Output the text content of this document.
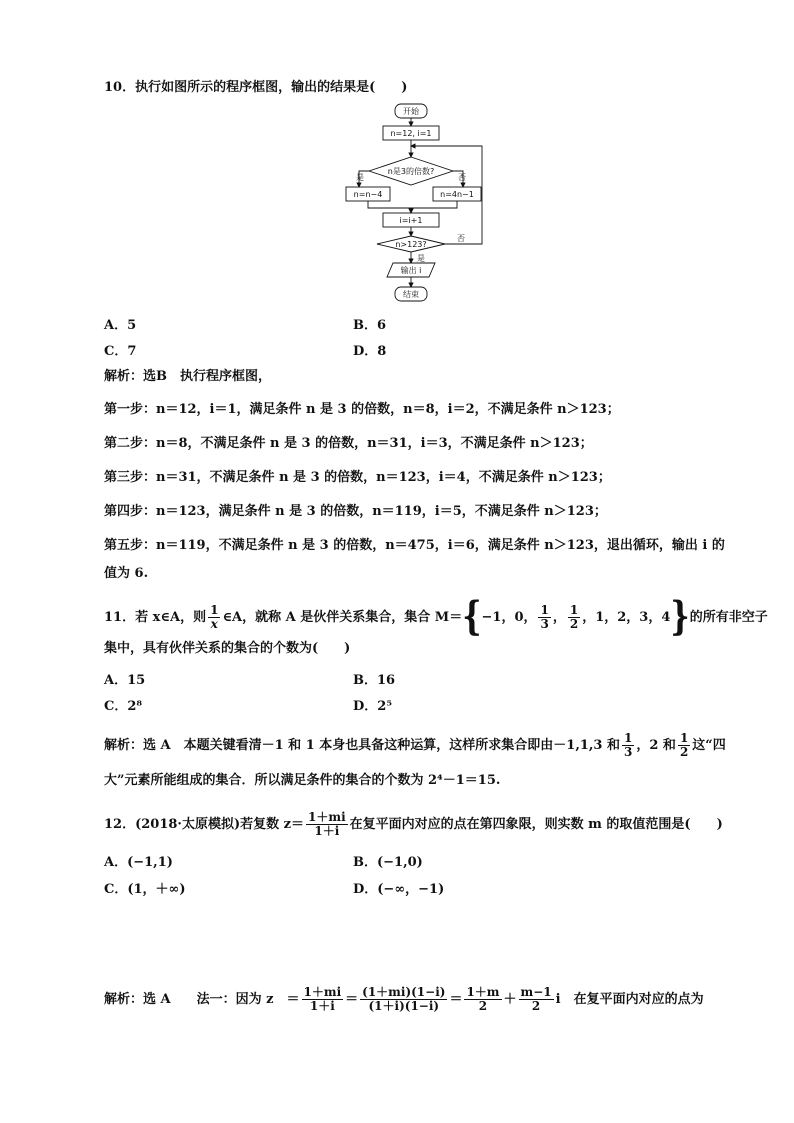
10．执行如图所示的程序框图，输出的结果是(　　)
开始
n=12, i=1
n是3的倍数?
是	否
n=n−4	n=4n−1
i=i+1
n>123?
否
是
输出 i
结束
A．5	B．6
C．7	D．8
解析：选B　执行程序框图，
第一步：n＝12，i＝1，满足条件 n 是 3 的倍数，n＝8，i＝2，不满足条件 n＞123；
第二步：n＝8，不满足条件 n 是 3 的倍数，n＝31，i＝3，不满足条件 n＞123；
第三步：n＝31，不满足条件 n 是 3 的倍数，n＝123，i＝4，不满足条件 n＞123；
第四步：n＝123，满足条件 n 是 3 的倍数，n＝119，i＝5，不满足条件 n＞123；
第五步：n＝119，不满足条件 n 是 3 的倍数，n＝475，i＝6，满足条件 n＞123，退出循环，输出 i 的
值为 6.
11．若 x∈A，则 $\frac{1}{x}$ ∈A，就称 A 是伙伴关系集合，集合 M＝{−1，0， $\frac{1}{3}$ ， $\frac{1}{2}$ ，1，2，3，4}的所有非空子
集中，具有伙伴关系的集合的个数为(　　)
A．15	B．16
C．2⁸	D．2⁵
解析：选 A　本题关键看清－1 和 1 本身也具备这种运算，这样所求集合即由－1,1,3 和 $\frac{1}{3}$ ，2 和 $\frac{1}{2}$ 这“四
大”元素所能组成的集合．所以满足条件的集合的个数为 2⁴－1＝15.
12．(2018·太原模拟)若复数 $z= \frac{1+mi}{1+i}$ 在复平面内对应的点在第四象限，则实数 m 的取值范围是(　　)
A．(−1,1)	B．(−1,0)
C．(1，＋∞)	D．(−∞，−1)
解析：选 A　　法一：因为 z　＝ $\frac{1+mi}{1+i} = \frac{(1+mi)(1-i)}{(1+i)(1-i)} = \frac{1+m}{2} + \frac{m-1}{2}$ i　在复平面内对应的点为
